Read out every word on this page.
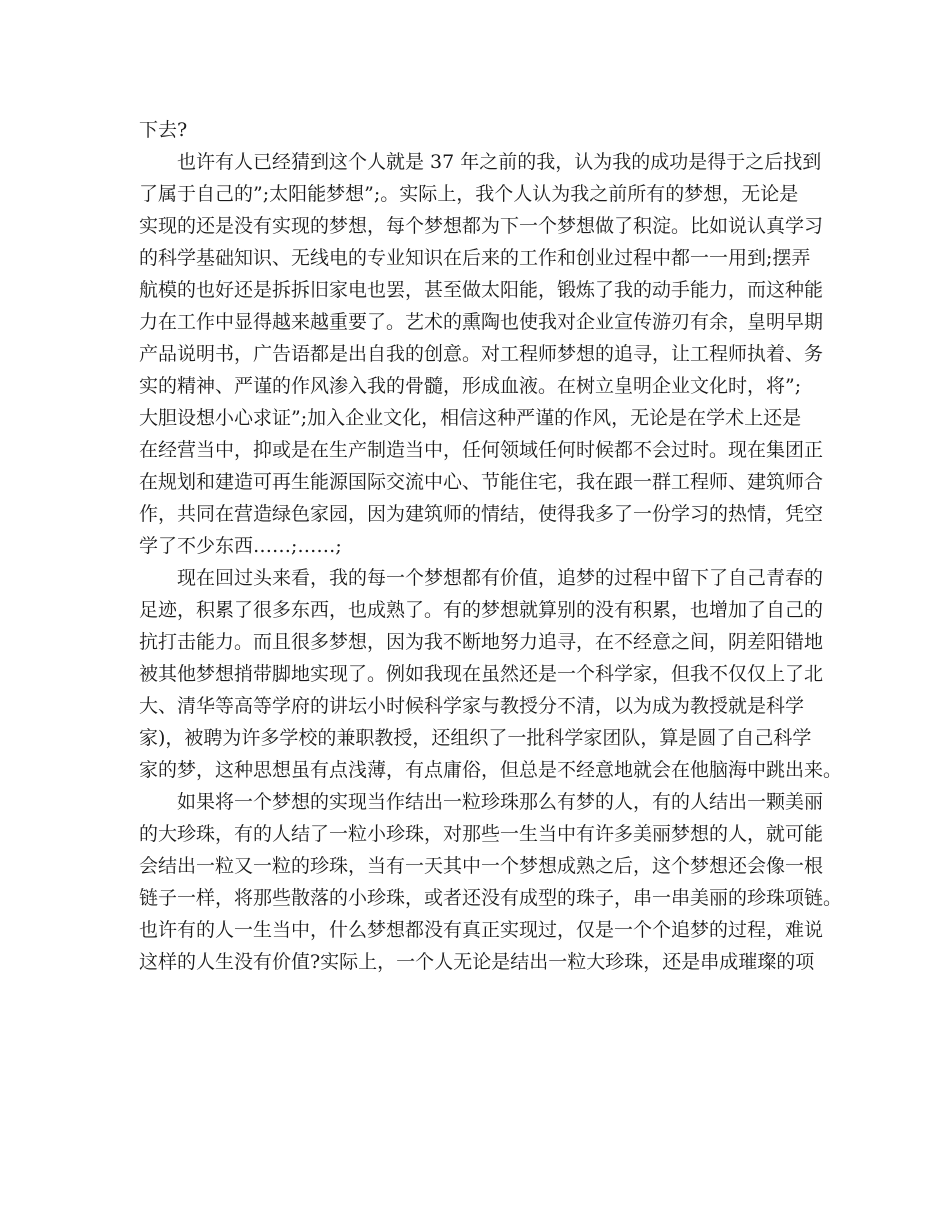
下去?
也许有人已经猜到这个人就是 37 年之前的我，认为我的成功是得于之后找到
了属于自己的”;太阳能梦想”;。实际上，我个人认为我之前所有的梦想，无论是
实现的还是没有实现的梦想，每个梦想都为下一个梦想做了积淀。比如说认真学习
的科学基础知识、无线电的专业知识在后来的工作和创业过程中都一一用到;摆弄
航模的也好还是拆拆旧家电也罢，甚至做太阳能，锻炼了我的动手能力，而这种能
力在工作中显得越来越重要了。艺术的熏陶也使我对企业宣传游刃有余，皇明早期
产品说明书，广告语都是出自我的创意。对工程师梦想的追寻，让工程师执着、务
实的精神、严谨的作风渗入我的骨髓，形成血液。在树立皇明企业文化时，将”;
大胆设想小心求证”;加入企业文化，相信这种严谨的作风，无论是在学术上还是
在经营当中，抑或是在生产制造当中，任何领域任何时候都不会过时。现在集团正
在规划和建造可再生能源国际交流中心、节能住宅，我在跟一群工程师、建筑师合
作，共同在营造绿色家园，因为建筑师的情结，使得我多了一份学习的热情，凭空
学了不少东西……;……;
现在回过头来看，我的每一个梦想都有价值，追梦的过程中留下了自己青春的
足迹，积累了很多东西，也成熟了。有的梦想就算别的没有积累，也增加了自己的
抗打击能力。而且很多梦想，因为我不断地努力追寻，在不经意之间，阴差阳错地
被其他梦想捎带脚地实现了。例如我现在虽然还是一个科学家，但我不仅仅上了北
大、清华等高等学府的讲坛小时候科学家与教授分不清，以为成为教授就是科学
家)，被聘为许多学校的兼职教授，还组织了一批科学家团队，算是圆了自己科学
家的梦，这种思想虽有点浅薄，有点庸俗，但总是不经意地就会在他脑海中跳出来。
如果将一个梦想的实现当作结出一粒珍珠那么有梦的人，有的人结出一颗美丽
的大珍珠，有的人结了一粒小珍珠，对那些一生当中有许多美丽梦想的人，就可能
会结出一粒又一粒的珍珠，当有一天其中一个梦想成熟之后，这个梦想还会像一根
链子一样，将那些散落的小珍珠，或者还没有成型的珠子，串一串美丽的珍珠项链。
也许有的人一生当中，什么梦想都没有真正实现过，仅是一个个追梦的过程，难说
这样的人生没有价值?实际上，一个人无论是结出一粒大珍珠，还是串成璀璨的项
